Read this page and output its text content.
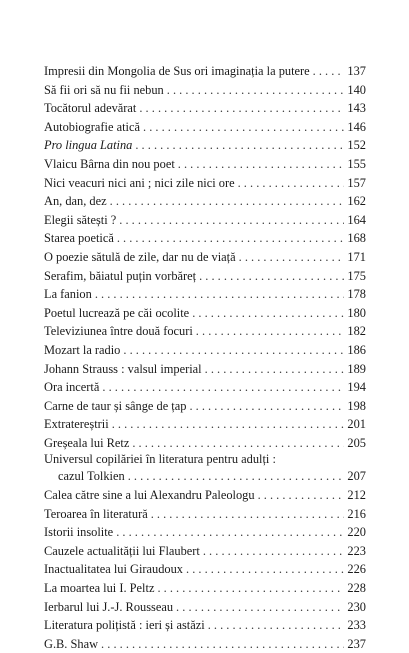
Impresii din Mongolia de Sus ori imaginația la putere . . .	137
Să fii ori să nu fii nebun . . .	140
Tocătorul adevărat . . .	143
Autobiografie atică . . .	146
Pro lingua Latina . . .	152
Vlaicu Bârna din nou poet . . .	155
Nici veacuri nici ani ; nici zile nici ore . . .	157
An, dan, dez . . .	162
Elegii sătești ? . . .	164
Starea poetică . . .	168
O poezie sătulă de zile, dar nu de viață . . .	171
Serafim, băiatul puțin vorbăreț . . .	175
La fanion . . .	178
Poetul lucrează pe căi ocolite . . .	180
Televiziunea între două focuri . . .	182
Mozart la radio . . .	186
Johann Strauss : valsul imperial . . .	189
Ora incertă . . .	194
Carne de taur și sânge de țap . . .	198
Extratereștrii . . .	201
Greșeala lui Retz . . .	205
Universul copilăriei în literatura pentru adulți :
cazul Tolkien . . .	207
Calea către sine a lui Alexandru Paleologu . . .	212
Teroarea în literatură . . .	216
Istorii insolite . . .	220
Cauzele actualității lui Flaubert . . .	223
Inactualitatea lui Giraudoux . . .	226
La moartea lui I. Peltz . . .	228
Ierbarul lui J.-J. Rousseau . . .	230
Literatura polițistă : ieri și astăzi . . .	233
G.B. Shaw . . .	237
